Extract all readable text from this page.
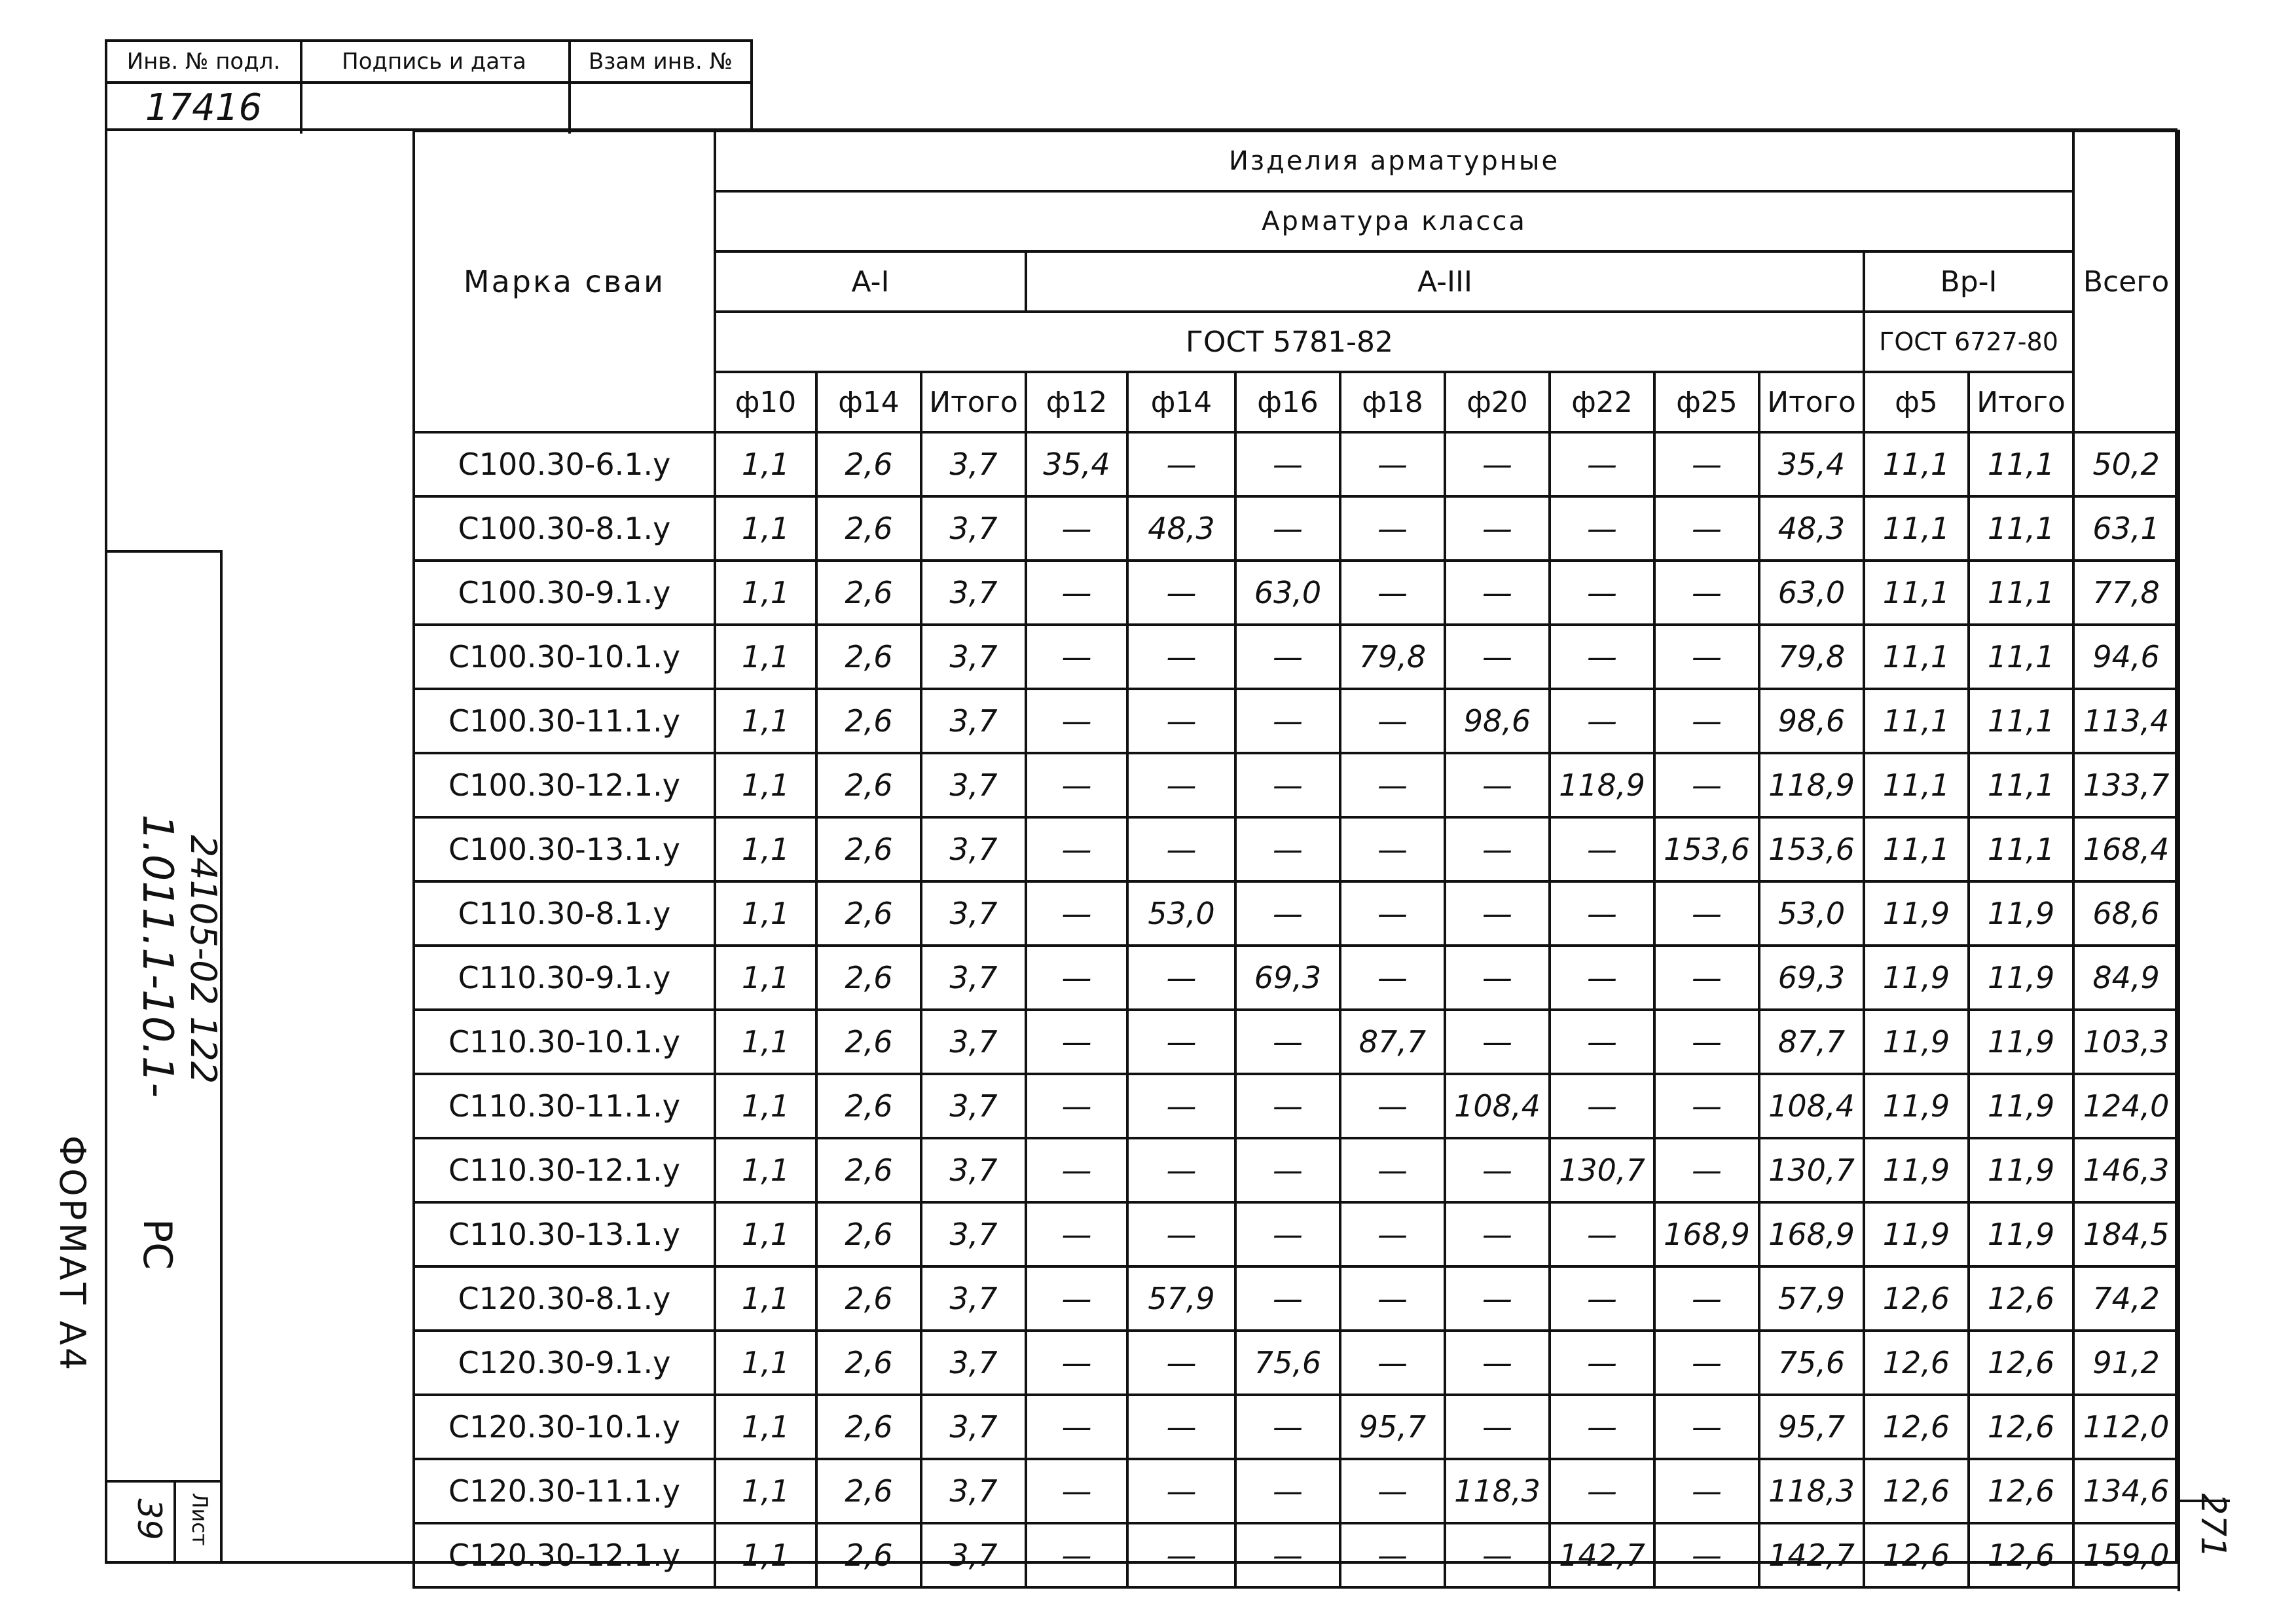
Инв. № подл.	Подпись и дата	Взам инв. №
17416
24105-02 122
ФОРМАТ А4
1.011.1-10.1-
РС
39 Лист	271
Марка сваи	Изделия арматурные													Всего
	Арматура класса													
	A-I			A-III								Вр-I		
	ГОСТ 5781-82											ГОСТ 6727-80		
	ф10	ф14	Итого	ф12	ф14	ф16	ф18	ф20	ф22	ф25	Итого	ф5	Итого	
С100.30-6.1.у	1,1	2,6	3,7	35,4	—	—	—	—	—	—	35,4	11,1	11,1	50,2
С100.30-8.1.у	1,1	2,6	3,7	—	48,3	—	—	—	—	—	48,3	11,1	11,1	63,1
С100.30-9.1.у	1,1	2,6	3,7	—	—	63,0	—	—	—	—	63,0	11,1	11,1	77,8
С100.30-10.1.у	1,1	2,6	3,7	—	—	—	79,8	—	—	—	79,8	11,1	11,1	94,6
С100.30-11.1.у	1,1	2,6	3,7	—	—	—	—	98,6	—	—	98,6	11,1	11,1	113,4
С100.30-12.1.у	1,1	2,6	3,7	—	—	—	—	—	118,9	—	118,9	11,1	11,1	133,7
С100.30-13.1.у	1,1	2,6	3,7	—	—	—	—	—	—	153,6	153,6	11,1	11,1	168,4
С110.30-8.1.у	1,1	2,6	3,7	—	53,0	—	—	—	—	—	53,0	11,9	11,9	68,6
С110.30-9.1.у	1,1	2,6	3,7	—	—	69,3	—	—	—	—	69,3	11,9	11,9	84,9
С110.30-10.1.у	1,1	2,6	3,7	—	—	—	87,7	—	—	—	87,7	11,9	11,9	103,3
С110.30-11.1.у	1,1	2,6	3,7	—	—	—	—	108,4	—	—	108,4	11,9	11,9	124,0
С110.30-12.1.у	1,1	2,6	3,7	—	—	—	—	—	130,7	—	130,7	11,9	11,9	146,3
С110.30-13.1.у	1,1	2,6	3,7	—	—	—	—	—	—	168,9	168,9	11,9	11,9	184,5
С120.30-8.1.у	1,1	2,6	3,7	—	57,9	—	—	—	—	—	57,9	12,6	12,6	74,2
С120.30-9.1.у	1,1	2,6	3,7	—	—	75,6	—	—	—	—	75,6	12,6	12,6	91,2
С120.30-10.1.у	1,1	2,6	3,7	—	—	—	95,7	—	—	—	95,7	12,6	12,6	112,0
С120.30-11.1.у	1,1	2,6	3,7	—	—	—	—	118,3	—	—	118,3	12,6	12,6	134,6
С120.30-12.1.у	1,1	2,6	3,7	—	—	—	—	—	142,7	—	142,7	12,6	12,6	159,0
